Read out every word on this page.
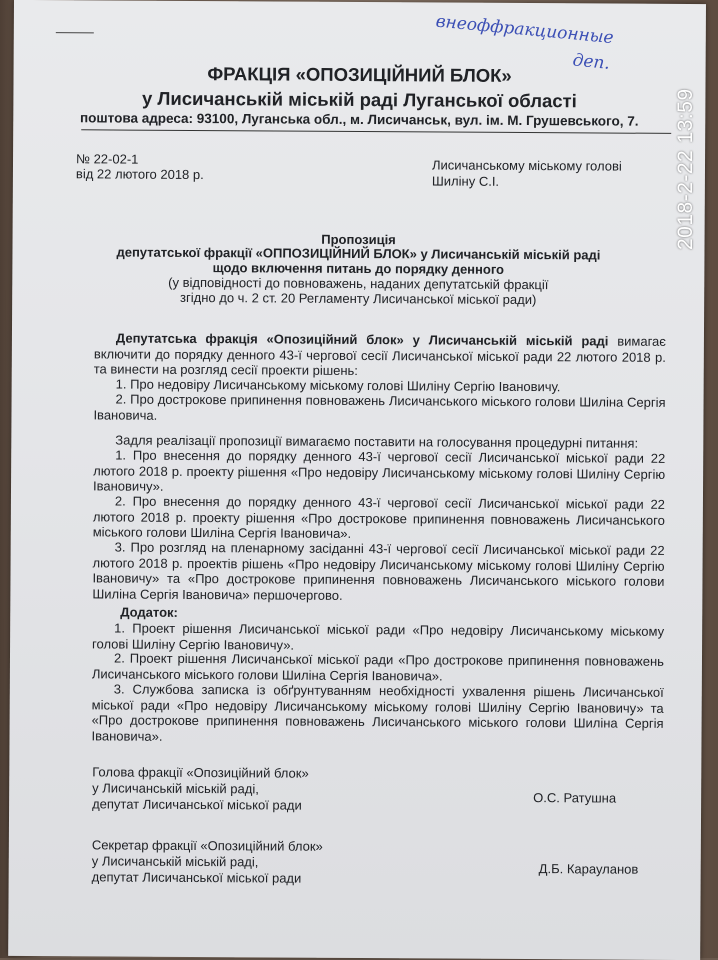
внеоффракционные
деп.
ФРАКЦІЯ «ОПОЗИЦІЙНИЙ БЛОК»
у Лисичанській міській раді Луганської області
поштова адреса: 93100, Луганська обл., м. Лисичанськ, вул. ім. М. Грушевського, 7.
№ 22-02-1
від 22 лютого 2018 р.
Лисичанському міському голові
Шиліну С.І.
Пропозиція
депутатської фракції «ОППОЗИЦІЙНИЙ БЛОК» у Лисичанській міській раді
щодо включення питань до порядку денного
(у відповідності до повноважень, наданих депутатській фракції
згідно до ч. 2 ст. 20 Регламенту Лисичанської міської ради)
Депутатська фракція «Опозиційний блок» у Лисичанській міській раді вимагає включити до порядку денного 43-ї чергової сесії Лисичанської міської ради 22 лютого 2018 р. та винести на розгляд сесії проекти рішень:
1. Про недовіру Лисичанському міському голові Шиліну Сергію Івановичу.
2. Про дострокове припинення повноважень Лисичанського міського голови Шиліна Сергія Івановича.
Задля реалізації пропозиції вимагаємо поставити на голосування процедурні питання:
1. Про внесення до порядку денного 43-ї чергової сесії Лисичанської міської ради 22 лютого 2018 р. проекту рішення «Про недовіру Лисичанському міському голові Шиліну Сергію Івановичу».
2. Про внесення до порядку денного 43-ї чергової сесії Лисичанської міської ради 22 лютого 2018 р. проекту рішення «Про дострокове припинення повноважень Лисичанського міського голови Шиліна Сергія Івановича».
3. Про розгляд на пленарному засіданні 43-ї чергової сесії Лисичанської міської ради 22 лютого 2018 р. проектів рішень «Про недовіру Лисичанському міському голові Шиліну Сергію Івановичу» та «Про дострокове припинення повноважень Лисичанського міського голови Шиліна Сергія Івановича» першочергово.
Додаток:
1. Проект рішення Лисичанської міської ради «Про недовіру Лисичанському міському голові Шиліну Сергію Івановичу».
2. Проект рішення Лисичанської міської ради «Про дострокове припинення повноважень Лисичанського міського голови Шиліна Сергія Івановича».
3. Службова записка із обґрунтуванням необхідності ухвалення рішень Лисичанської міської ради «Про недовіру Лисичанському міському голові Шиліну Сергію Івановичу» та «Про дострокове припинення повноважень Лисичанського міського голови Шиліна Сергія Івановича».
Голова фракції «Опозиційний блок»
у Лисичанській міській раді,
депутат Лисичанської міської ради	О.С. Ратушна
Секретар фракції «Опозиційний блок»
у Лисичанській міській раді,
депутат Лисичанської міської ради
Д.Б. Карауланов
2018-2-22 13:59
